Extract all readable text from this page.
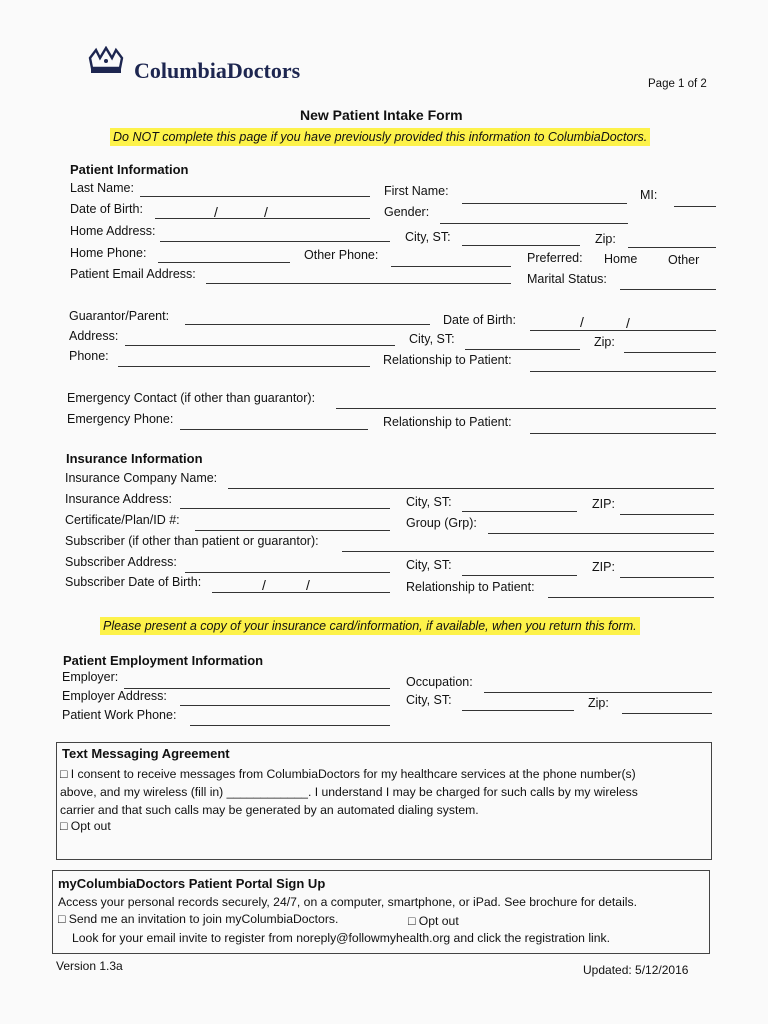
ColumbiaDoctors
Page 1 of 2
New Patient Intake Form
Do NOT complete this page if you have previously provided this information to ColumbiaDoctors.
Patient Information
Last Name:	First Name:	MI:
Date of Birth:	/	/	Gender:
Home Address:	City, ST:	Zip:
Home Phone:	Other Phone:	Preferred: Home Other
Patient Email Address:	Marital Status:
Guarantor/Parent:	Date of Birth:	/	/
Address:	City, ST:	Zip:
Phone:	Relationship to Patient:
Emergency Contact (if other than guarantor):
Emergency Phone:	Relationship to Patient:
Insurance Information
Insurance Company Name:
Insurance Address:	City, ST:	ZIP:
Certificate/Plan/ID #:	Group (Grp):
Subscriber (if other than patient or guarantor):
Subscriber Address:	City, ST:	ZIP:
Subscriber Date of Birth:	/	/	Relationship to Patient:
Please present a copy of your insurance card/information, if available, when you return this form.
Patient Employment Information
Employer:	Occupation:
Employer Address:	City, ST:	Zip:
Patient Work Phone:
Text Messaging Agreement
□ I consent to receive messages from ColumbiaDoctors for my healthcare services at the phone number(s)
above, and my wireless (fill in) ____________. I understand I may be charged for such calls by my wireless
carrier and that such calls may be generated by an automated dialing system.
□ Opt out
myColumbiaDoctors Patient Portal Sign Up
Access your personal records securely, 24/7, on a computer, smartphone, or iPad. See brochure for details.
□ Send me an invitation to join myColumbiaDoctors.	□ Opt out
Look for your email invite to register from noreply@followmyhealth.org and click the registration link.
Version 1.3a	Updated: 5/12/2016
